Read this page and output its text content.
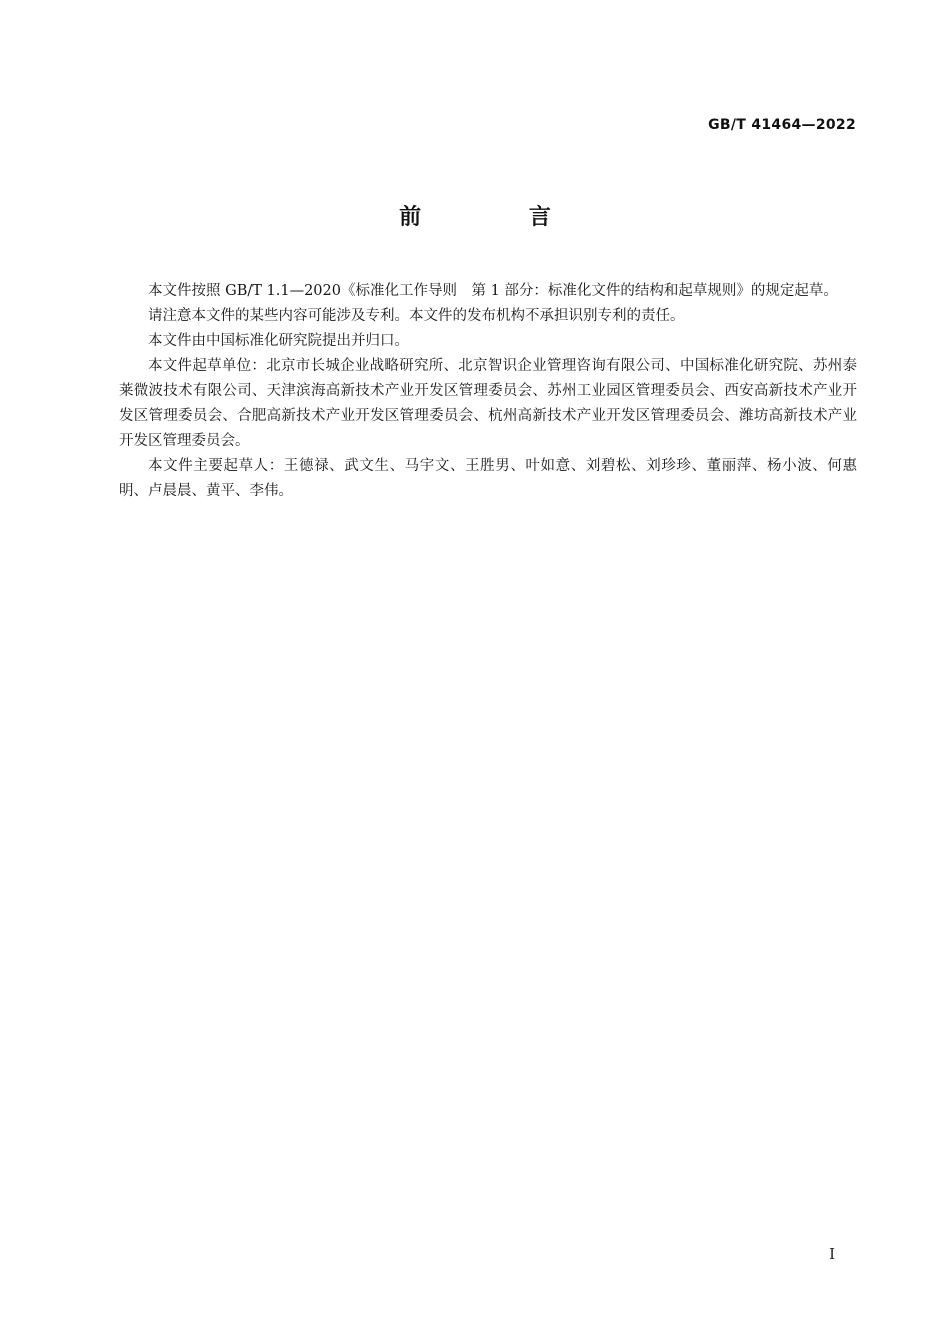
GB/T 41464—2022
前 言

本文件按照 GB/T 1.1—2020《标准化工作导则　第 1 部分：标准化文件的结构和起草规则》的规定起草。

请注意本文件的某些内容可能涉及专利。本文件的发布机构不承担识别专利的责任。

本文件由中国标准化研究院提出并归口。

本文件起草单位：北京市长城企业战略研究所、北京智识企业管理咨询有限公司、中国标准化研究院、苏州泰莱微波技术有限公司、天津滨海高新技术产业开发区管理委员会、苏州工业园区管理委员会、西安高新技术产业开发区管理委员会、合肥高新技术产业开发区管理委员会、杭州高新技术产业开发区管理委员会、潍坊高新技术产业开发区管理委员会。

本文件主要起草人：王德禄、武文生、马宇文、王胜男、叶如意、刘碧松、刘珍珍、董丽萍、杨小波、何惠明、卢晨晨、黄平、李伟。

I
